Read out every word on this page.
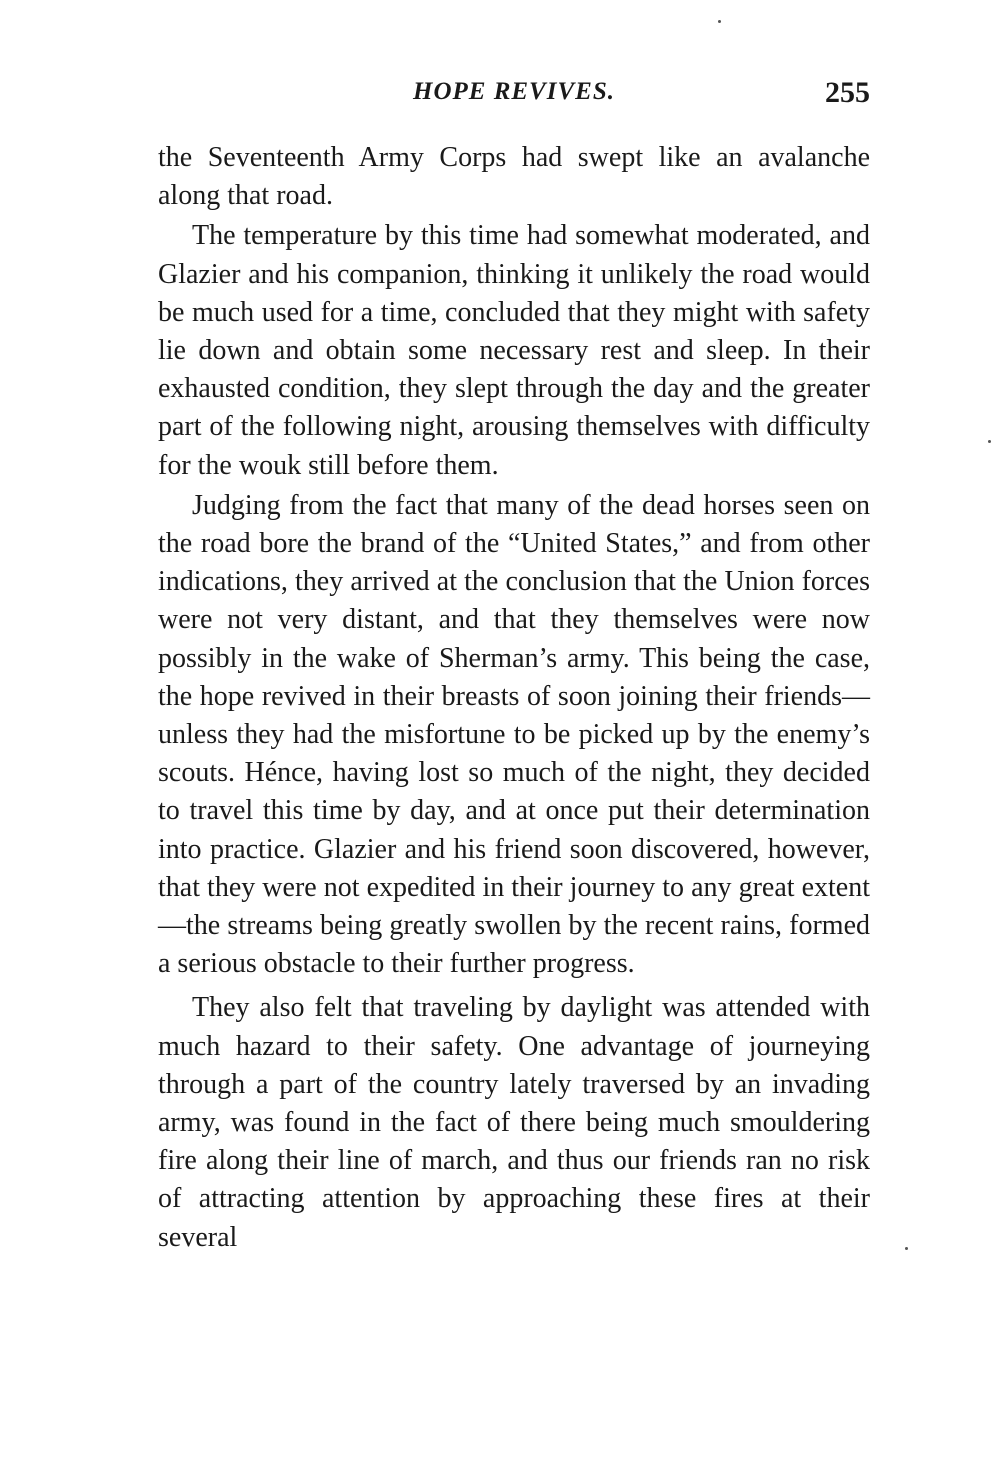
HOPE REVIVES.	255

the Seventeenth Army Corps had swept like an avalanche along that road.

The temperature by this time had somewhat moderated, and Glazier and his companion, thinking it unlikely the road would be much used for a time, concluded that they might with safety lie down and obtain some necessary rest and sleep. In their exhausted condition, they slept through the day and the greater part of the following night, arousing themselves with difficulty for the wouk still before them.

Judging from the fact that many of the dead horses seen on the road bore the brand of the “United States,” and from other indications, they arrived at the conclusion that the Union forces were not very distant, and that they themselves were now possibly in the wake of Sherman’s army. This being the case, the hope revived in their breasts of soon joining their friends—unless they had the misfortune to be picked up by the enemy’s scouts. Hénce, having lost so much of the night, they decided to travel this time by day, and at once put their determination into practice. Glazier and his friend soon discovered, however, that they were not expedited in their journey to any great extent—the streams being greatly swollen by the recent rains, formed a serious obstacle to their further progress.

They also felt that traveling by daylight was attended with much hazard to their safety. One advantage of journeying through a part of the country lately traversed by an invading army, was found in the fact of there being much smouldering fire along their line of march, and thus our friends ran no risk of attracting attention by approaching these fires at their several
